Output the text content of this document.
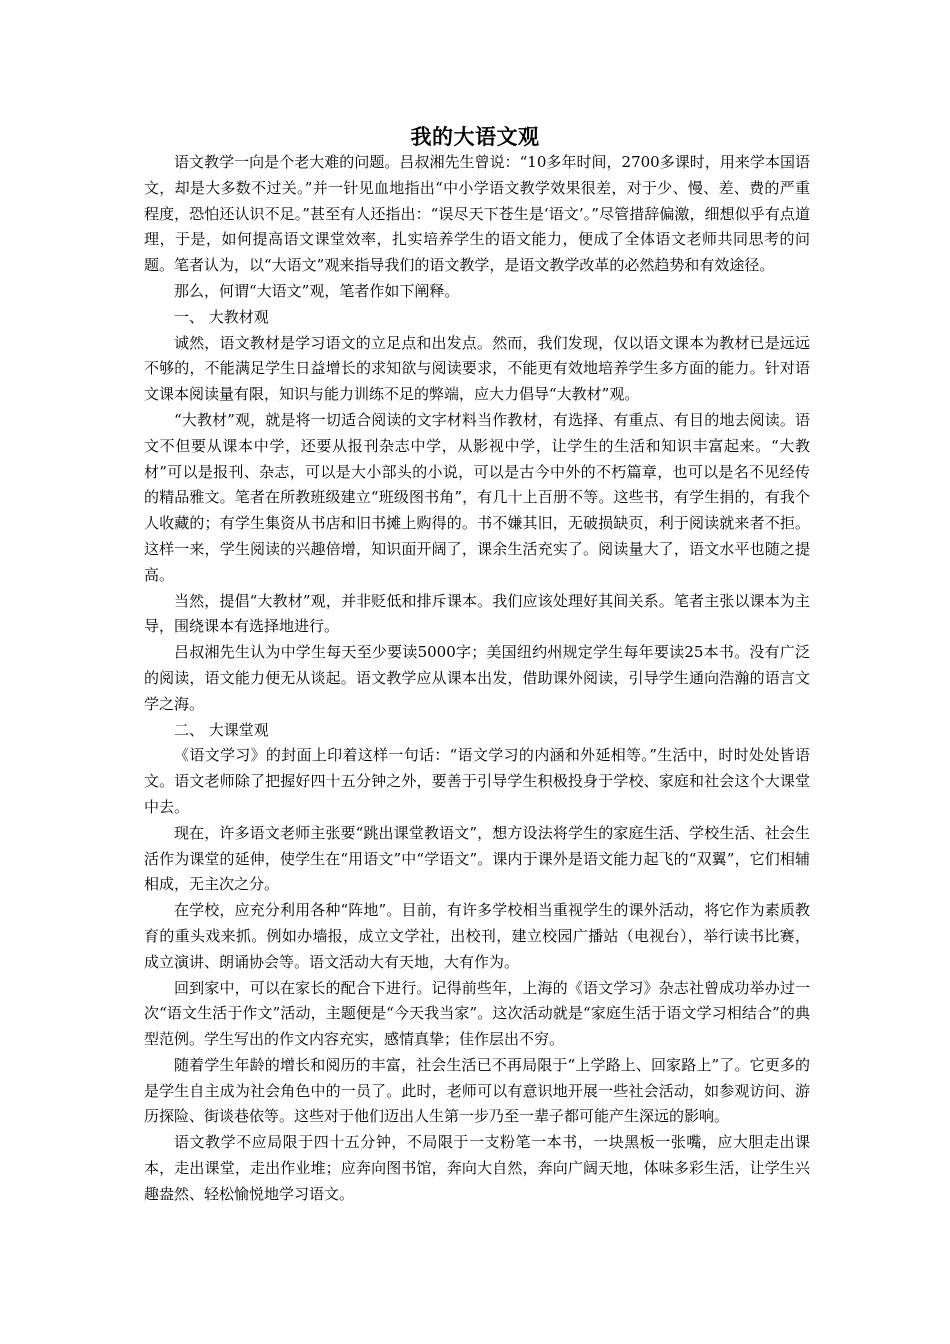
我的大语文观

语文教学一向是个老大难的问题。吕叔湘先生曾说：“10多年时间，2700多课时，用来学本国语文，却是大多数不过关。”并一针见血地指出“中小学语文教学效果很差，对于少、慢、差、费的严重程度，恐怕还认识不足。”甚至有人还指出：“误尽天下苍生是‘语文’。”尽管措辞偏激，细想似乎有点道理，于是，如何提高语文课堂效率，扎实培养学生的语文能力，便成了全体语文老师共同思考的问题。笔者认为，以“大语文”观来指导我们的语文教学，是语文教学改革的必然趋势和有效途径。

那么，何谓“大语文”观，笔者作如下阐释。

一、 大教材观

诚然，语文教材是学习语文的立足点和出发点。然而，我们发现，仅以语文课本为教材已是远远不够的，不能满足学生日益增长的求知欲与阅读要求，不能更有效地培养学生多方面的能力。针对语文课本阅读量有限，知识与能力训练不足的弊端，应大力倡导“大教材”观。

“大教材”观，就是将一切适合阅读的文字材料当作教材，有选择、有重点、有目的地去阅读。语文不但要从课本中学，还要从报刊杂志中学，从影视中学，让学生的生活和知识丰富起来。“大教材”可以是报刊、杂志，可以是大小部头的小说，可以是古今中外的不朽篇章，也可以是名不见经传的精品雅文。笔者在所教班级建立“班级图书角”，有几十上百册不等。这些书，有学生捐的，有我个人收藏的；有学生集资从书店和旧书摊上购得的。书不嫌其旧，无破损缺页，利于阅读就来者不拒。这样一来，学生阅读的兴趣倍增，知识面开阔了，课余生活充实了。阅读量大了，语文水平也随之提高。

当然，提倡“大教材”观，并非贬低和排斥课本。我们应该处理好其间关系。笔者主张以课本为主导，围绕课本有选择地进行。

吕叔湘先生认为中学生每天至少要读5000字；美国纽约州规定学生每年要读25本书。没有广泛的阅读，语文能力便无从谈起。语文教学应从课本出发，借助课外阅读，引导学生通向浩瀚的语言文学之海。

二、 大课堂观

《语文学习》的封面上印着这样一句话：“语文学习的内涵和外延相等。”生活中，时时处处皆语文。语文老师除了把握好四十五分钟之外，要善于引导学生积极投身于学校、家庭和社会这个大课堂中去。

现在，许多语文老师主张要“跳出课堂教语文”，想方设法将学生的家庭生活、学校生活、社会生活作为课堂的延伸，使学生在“用语文”中“学语文”。课内于课外是语文能力起飞的“双翼”，它们相辅相成，无主次之分。

在学校，应充分利用各种“阵地”。目前，有许多学校相当重视学生的课外活动，将它作为素质教育的重头戏来抓。例如办墙报，成立文学社，出校刊，建立校园广播站（电视台），举行读书比赛，成立演讲、朗诵协会等。语文活动大有天地，大有作为。

回到家中，可以在家长的配合下进行。记得前些年，上海的《语文学习》杂志社曾成功举办过一次“语文生活于作文”活动，主题便是“今天我当家”。这次活动就是“家庭生活于语文学习相结合”的典型范例。学生写出的作文内容充实，感情真挚；佳作层出不穷。

随着学生年龄的增长和阅历的丰富，社会生活已不再局限于“上学路上、回家路上”了。它更多的是学生自主成为社会角色中的一员了。此时，老师可以有意识地开展一些社会活动，如参观访问、游历探险、街谈巷依等。这些对于他们迈出人生第一步乃至一辈子都可能产生深远的影响。

语文教学不应局限于四十五分钟，不局限于一支粉笔一本书，一块黑板一张嘴，应大胆走出课本，走出课堂，走出作业堆；应奔向图书馆，奔向大自然，奔向广阔天地，体味多彩生活，让学生兴趣盎然、轻松愉悦地学习语文。
